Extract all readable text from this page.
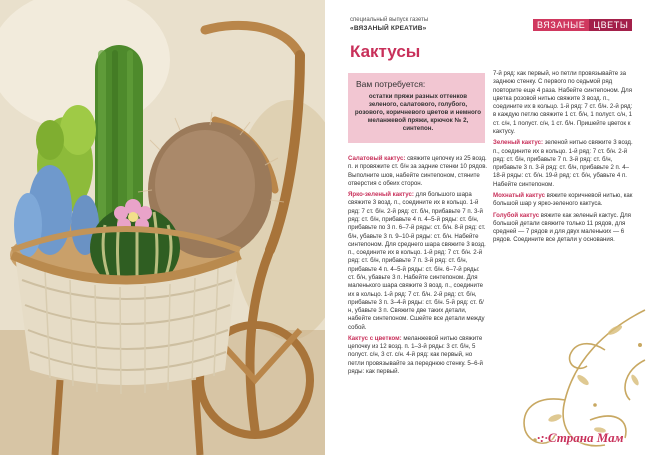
специальный выпуск газеты
«ВЯЗАНЫЙ КРЕАТИВ»	ВЯЗАНЫЕ ЦВЕТЫ
Кактусы
Вам потребуется:
остатки пряжи разных оттенков зеленого, салатового, голубого, розового, коричневого цветов и немного меланжевой пряжи, крючок № 2, синтепон.

Салатовый кактус: свяжите цепочку из 25 возд. п. и провяжите ст. б/н за задние стенки 10 рядов. Выполните шов, набейте синтепоном, стяните отверстия с обеих сторон.

Ярко-зеленый кактус: для большого шара свяжите 3 возд. п., соедините их в кольцо. 1-й ряд: 7 ст. б/н. 2-й ряд: ст. б/н, прибавьте 7 п. 3-й ряд: ст. б/н, прибавьте 4 п. 4–5-й ряды: ст. б/н, прибавьте по 3 п. 6–7-й ряды: ст. б/н. 8-й ряд: ст. б/н, убавьте 3 п. 9–10-й ряды: ст. б/н. Набейте синтепоном. Для среднего шара свяжите 3 возд. п., соедините их в кольцо. 1-й ряд: 7 ст. б/н. 2-й ряд: ст. б/н, прибавьте 7 п. 3-й ряд: ст. б/н, прибавьте 4 п. 4–5-й ряды: ст. б/н. 6–7-й ряды: ст. б/н, убавьте 3 п. Набейте синтепоном. Для маленького шара свяжите 3 возд. п., соедините их в кольцо. 1-й ряд: 7 ст. б/н. 2-й ряд: ст. б/н, прибавьте 3 п. 3–4-й ряды: ст. б/н. 5-й ряд: ст. б/н, убавьте 3 п. Свяжите две таких детали, набейте синтепоном. Сшейте все детали между собой.

Кактус с цветком: меланжевой нитью свяжите цепочку из 12 возд. п. 1–3-й ряды: 3 ст. б/н, 5 полуст. с/н, 3 ст. с/н. 4-й ряд: как первый, но петли провязывайте за переднюю стенку. 5–6-й ряды: как первый.

7-й ряд: как первый, но петли провязывайте за заднюю стенку. С первого по седьмой ряд повторите еще 4 раза. Набейте синтепоном. Для цветка розовой нитью свяжите 3 возд. п., соедините их в кольцо. 1-й ряд: 7 ст. б/н. 2-й ряд: в каждую петлю свяжите 1 ст. б/н, 1 полуст. с/н, 1 ст. с/н, 1 полуст. с/н, 1 ст. б/н. Пришейте цветок к кактусу.

Зеленый кактус: зеленой нитью свяжите 3 возд. п., соедините их в кольцо. 1-й ряд: 7 ст. б/н. 2-й ряд: ст. б/н, прибавьте 7 п. 3-й ряд: ст. б/н, прибавьте 3 п. 3-й ряд: ст. б/н, прибавьте 2 п. 4–18-й ряды: ст. б/н. 19-й ряд: ст. б/н, убавьте 4 п. Набейте синтепоном.

Мохнатый кактус вяжите коричневой нитью, как большой шар у ярко-зеленого кактуса.

Голубой кактус вяжите как зеленый кактус. Для большой детали свяжите только 11 рядов, для средней — 7 рядов и для двух маленьких — 6 рядов. Соедините все детали у основания.

·:·Страна Мам
